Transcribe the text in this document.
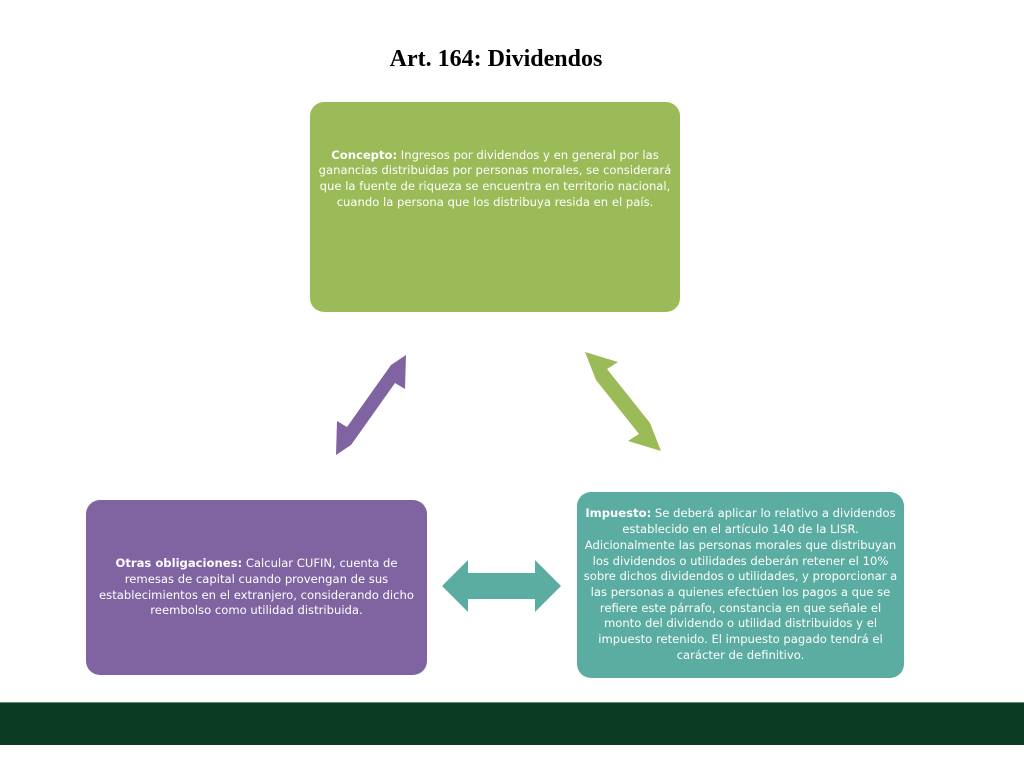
Art. 164: Dividendos
Concepto: Ingresos por dividendos y en general por las ganancias distribuidas por personas morales, se considerará que la fuente de riqueza se encuentra en territorio nacional, cuando la persona que los distribuya resida en el país.
Otras obligaciones: Calcular CUFIN, cuenta de remesas de capital cuando provengan de sus establecimientos en el extranjero, considerando dicho reembolso como utilidad distribuida.
Impuesto: Se deberá aplicar lo relativo a dividendos establecido en el artículo 140 de la LISR. Adicionalmente las personas morales que distribuyan los dividendos o utilidades deberán retener el 10% sobre dichos dividendos o utilidades, y proporcionar a las personas a quienes efectúen los pagos a que se refiere este párrafo, constancia en que señale el monto del dividendo o utilidad distribuidos y el impuesto retenido. El impuesto pagado tendrá el carácter de definitivo.
